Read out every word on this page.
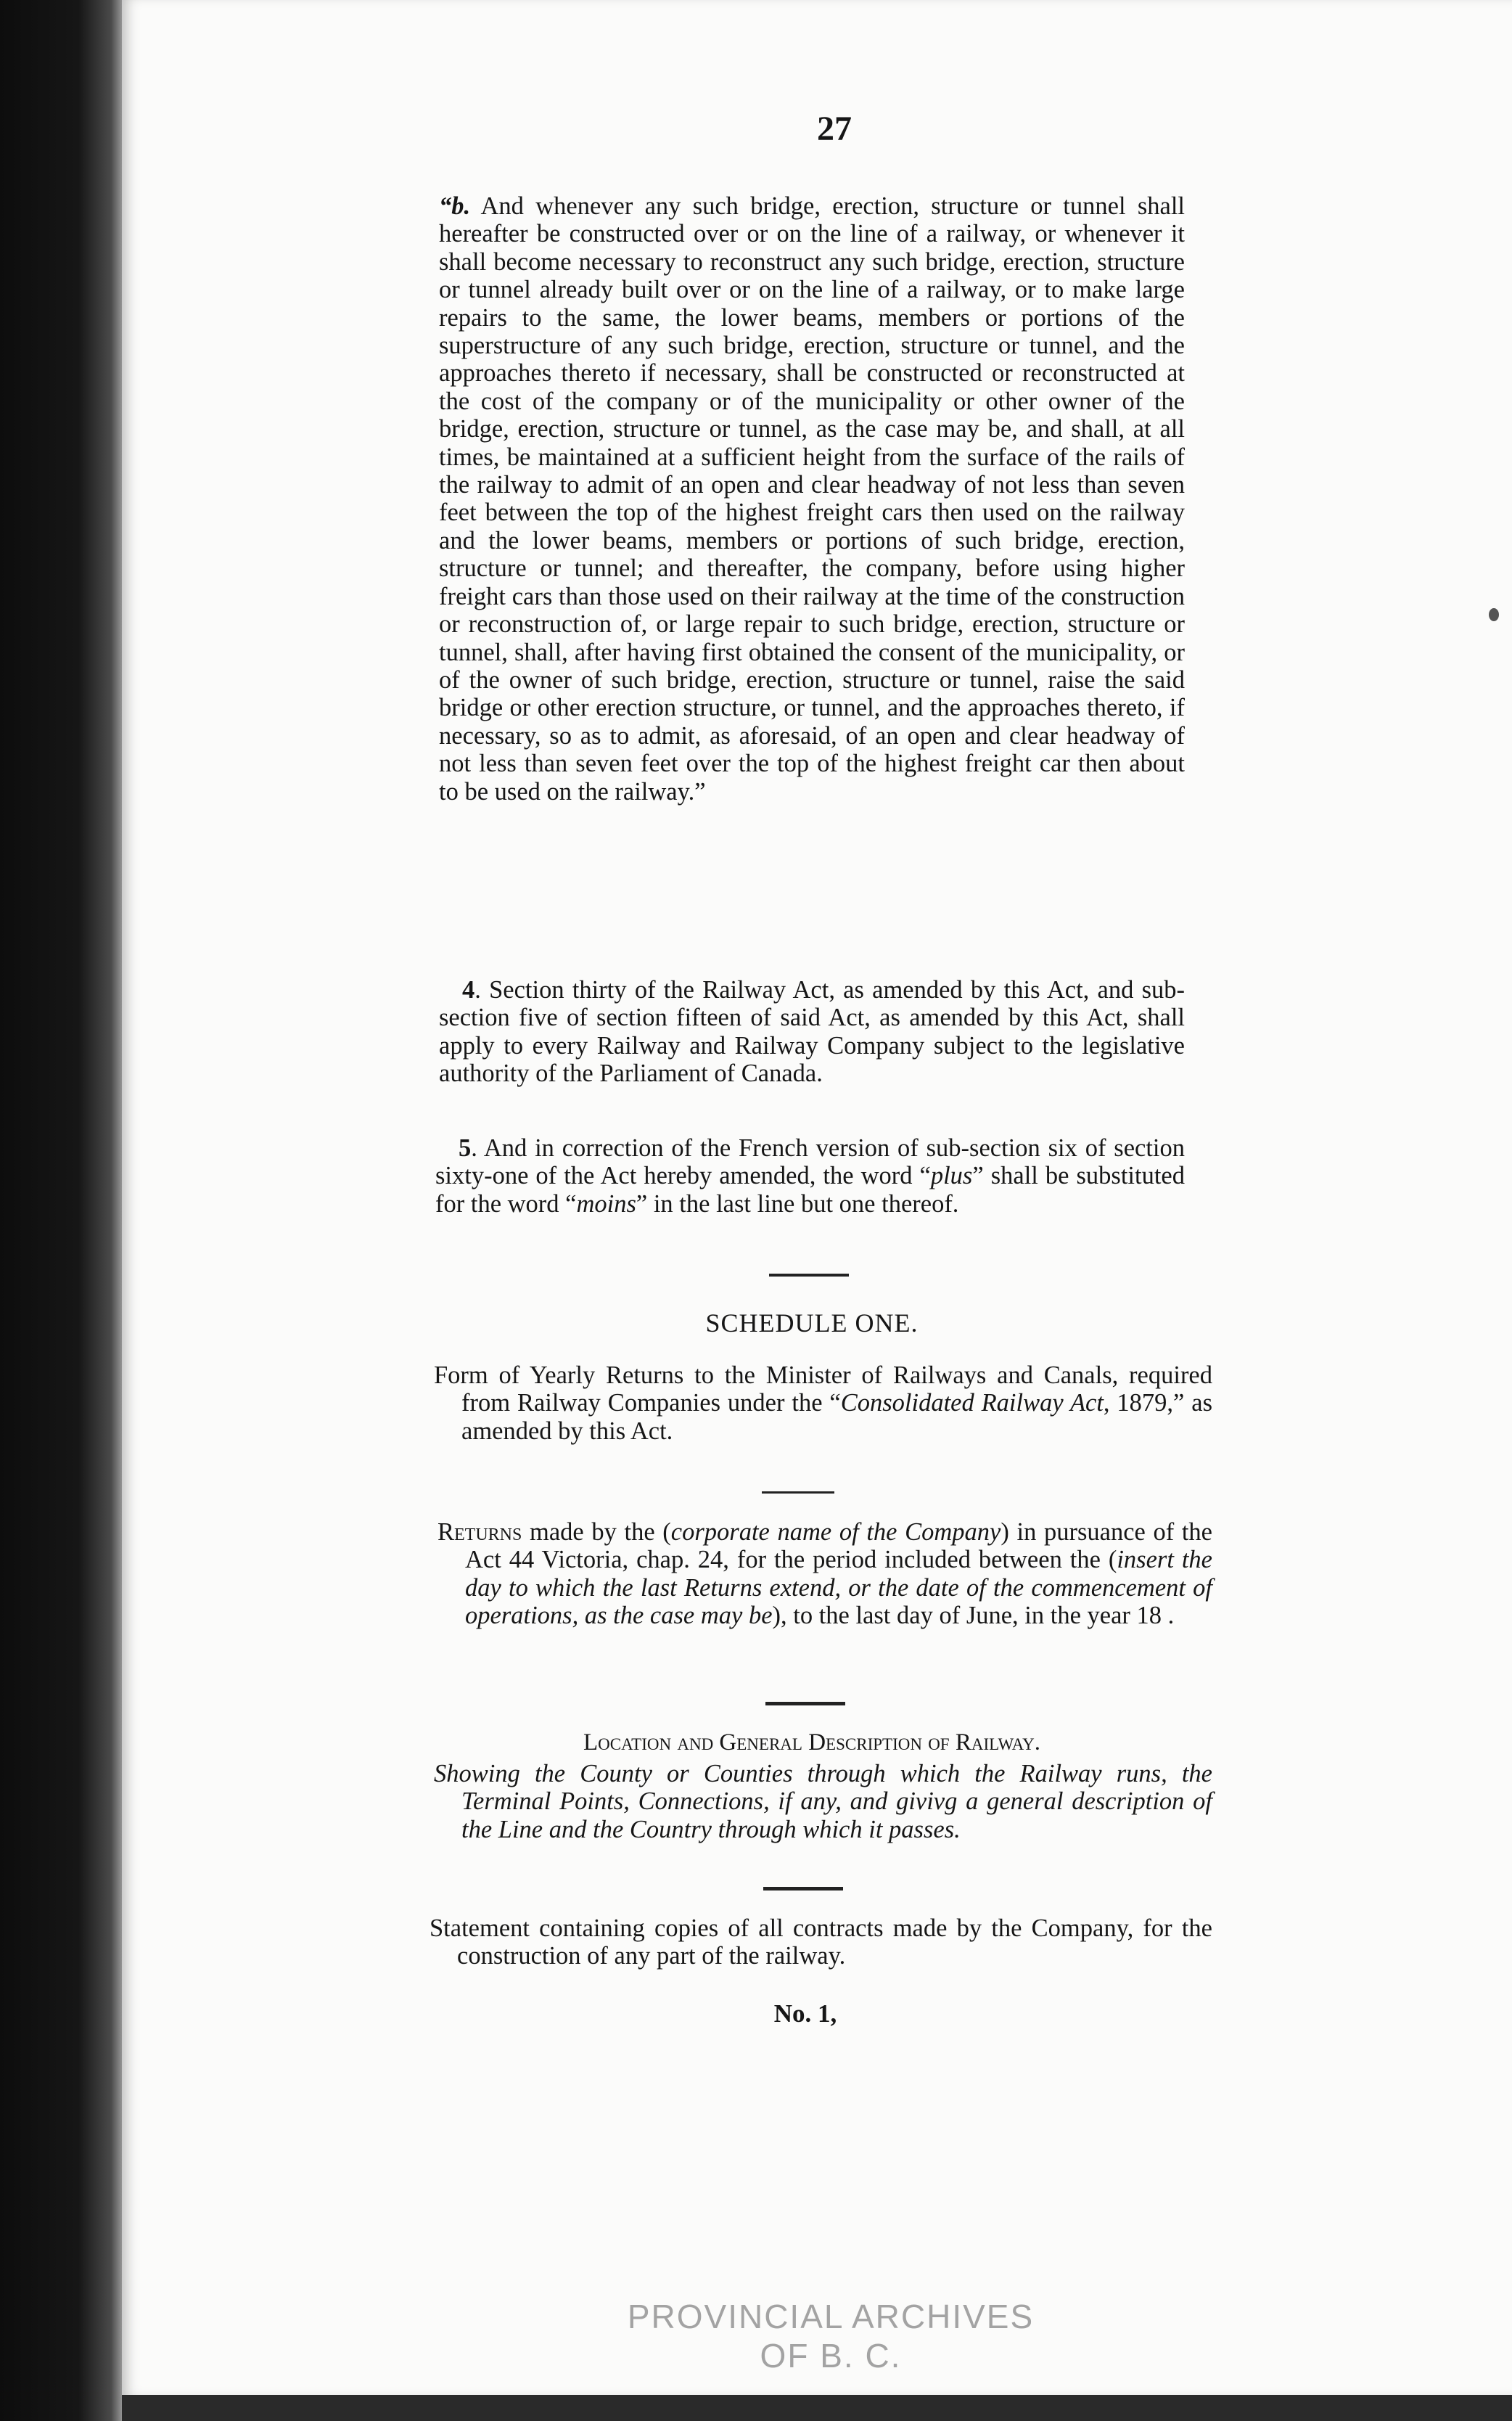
27

“b. And whenever any such bridge, erection, structure or tunnel shall hereafter be constructed over or on the line of a railway, or whenever it shall become necessary to reconstruct any such bridge, erection, structure or tunnel already built over or on the line of a railway, or to make large repairs to the same, the lower beams, members or portions of the superstructure of any such bridge, erection, structure or tunnel, and the approaches thereto if necessary, shall be constructed or reconstructed at the cost of the company or of the municipality or other owner of the bridge, erection, structure or tunnel, as the case may be, and shall, at all times, be maintained at a sufficient height from the surface of the rails of the railway to admit of an open and clear headway of not less than seven feet between the top of the highest freight cars then used on the railway and the lower beams, members or portions of such bridge, erection, structure or tunnel; and thereafter, the company, before using higher freight cars than those used on their railway at the time of the construction or reconstruction of, or large repair to such bridge, erection, structure or tunnel, shall, after having first obtained the consent of the municipality, or of the owner of such bridge, erection, structure or tunnel, raise the said bridge or other erection structure, or tunnel, and the approaches thereto, if necessary, so as to admit, as aforesaid, of an open and clear headway of not less than seven feet over the top of the highest freight car then about to be used on the railway.”

4. Section thirty of the Railway Act, as amended by this Act, and sub-section five of section fifteen of said Act, as amended by this Act, shall apply to every Railway and Railway Company subject to the legislative authority of the Parliament of Canada.

5. And in correction of the French version of sub-section six of section sixty-one of the Act hereby amended, the word “plus” shall be substituted for the word “moins” in the last line but one thereof.

SCHEDULE ONE.

Form of Yearly Returns to the Minister of Railways and Canals, required from Railway Companies under the “Consolidated Railway Act, 1879,” as amended by this Act.

Returns made by the (corporate name of the Company) in pursuance of the Act 44 Victoria, chap. 24, for the period included between the (insert the day to which the last Returns extend, or the date of the commencement of operations, as the case may be), to the last day of June, in the year 18 .

Location and General Description of Railway.

Showing the County or Counties through which the Railway runs, the Terminal Points, Connections, if any, and givivg a general description of the Line and the Country through which it passes.

Statement containing copies of all contracts made by the Company, for the construction of any part of the railway.

No. 1,
PROVINCIAL ARCHIVES OF B. C.
